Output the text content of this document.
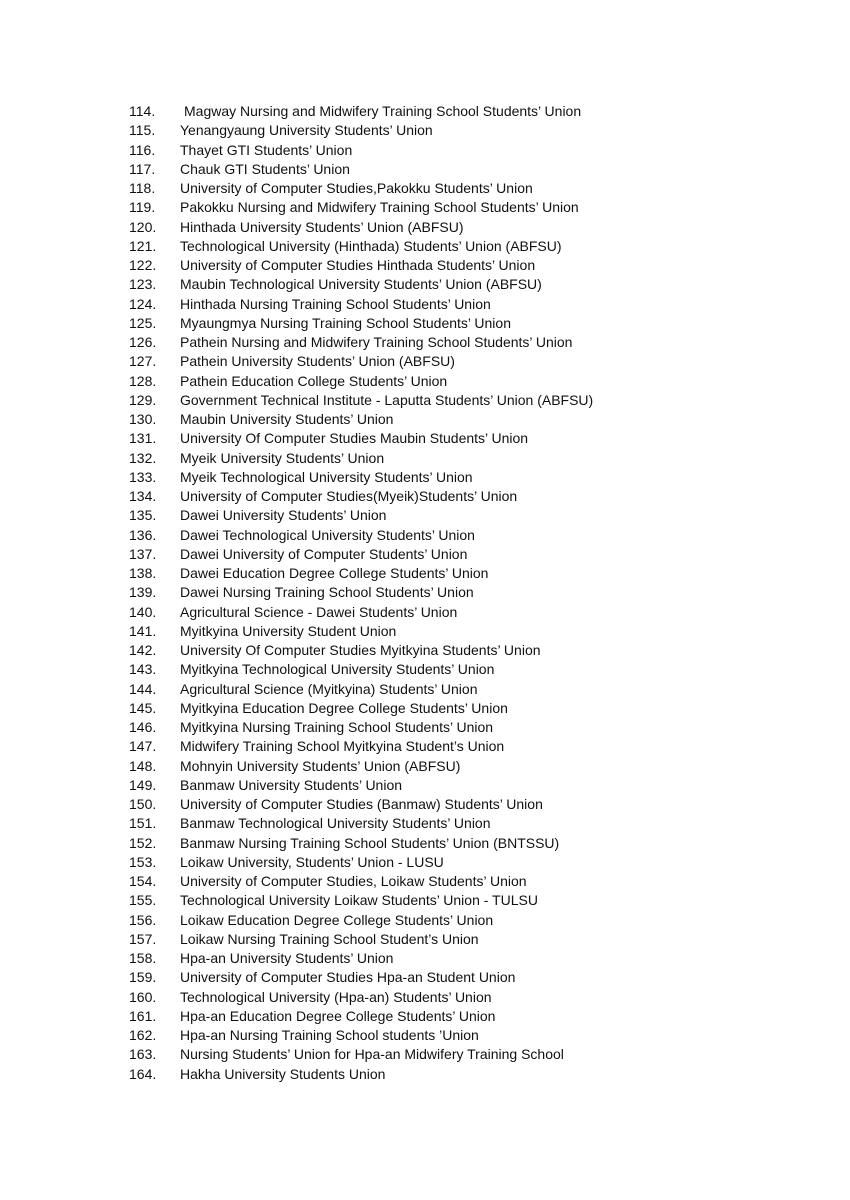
114.	Magway Nursing and Midwifery Training School Students’ Union
115.	Yenangyaung University Students’ Union
116.	Thayet GTI Students’ Union
117.	Chauk GTI Students’ Union
118.	University of Computer Studies,Pakokku Students’ Union
119.	Pakokku Nursing and Midwifery Training School Students’ Union
120.	Hinthada University Students’ Union (ABFSU)
121.	Technological University (Hinthada) Students’ Union (ABFSU)
122.	University of Computer Studies Hinthada Students’ Union
123.	Maubin Technological University Students’ Union (ABFSU)
124.	Hinthada Nursing Training School Students’ Union
125.	Myaungmya Nursing Training School Students’ Union
126.	Pathein Nursing and Midwifery Training School Students’ Union
127.	Pathein University Students’ Union (ABFSU)
128.	Pathein Education College Students’ Union
129.	Government Technical Institute - Laputta Students’ Union (ABFSU)
130.	Maubin University Students’ Union
131.	University Of Computer Studies Maubin Students’ Union
132.	Myeik University Students’ Union
133.	Myeik Technological University Students’ Union
134.	University of Computer Studies(Myeik)Students’ Union
135.	Dawei University Students’ Union
136.	Dawei Technological University Students’ Union
137.	Dawei University of Computer Students’ Union
138.	Dawei Education Degree College Students’ Union
139.	Dawei Nursing Training School Students’ Union
140.	Agricultural Science - Dawei Students’ Union
141.	Myitkyina University Student Union
142.	University Of Computer Studies Myitkyina Students’ Union
143.	Myitkyina Technological University Students’ Union
144.	Agricultural Science (Myitkyina) Students’ Union
145.	Myitkyina Education Degree College Students’ Union
146.	Myitkyina Nursing Training School Students’ Union
147.	Midwifery Training School Myitkyina Student’s Union
148.	Mohnyin University Students’ Union (ABFSU)
149.	Banmaw University Students’ Union
150.	University of Computer Studies (Banmaw) Students’ Union
151.	Banmaw Technological University Students’ Union
152.	Banmaw Nursing Training School Students’ Union (BNTSSU)
153.	Loikaw University, Students’ Union - LUSU
154.	University of Computer Studies, Loikaw Students’ Union
155.	Technological University Loikaw Students’ Union - TULSU
156.	Loikaw Education Degree College Students’ Union
157.	Loikaw Nursing Training School Student’s Union
158.	Hpa-an University Students’ Union
159.	University of Computer Studies Hpa-an Student Union
160.	Technological University (Hpa-an) Students’ Union
161.	Hpa-an Education Degree College Students’ Union
162.	Hpa-an Nursing Training School students ’Union
163.	Nursing Students’ Union for Hpa-an Midwifery Training School
164.	Hakha University Students Union
